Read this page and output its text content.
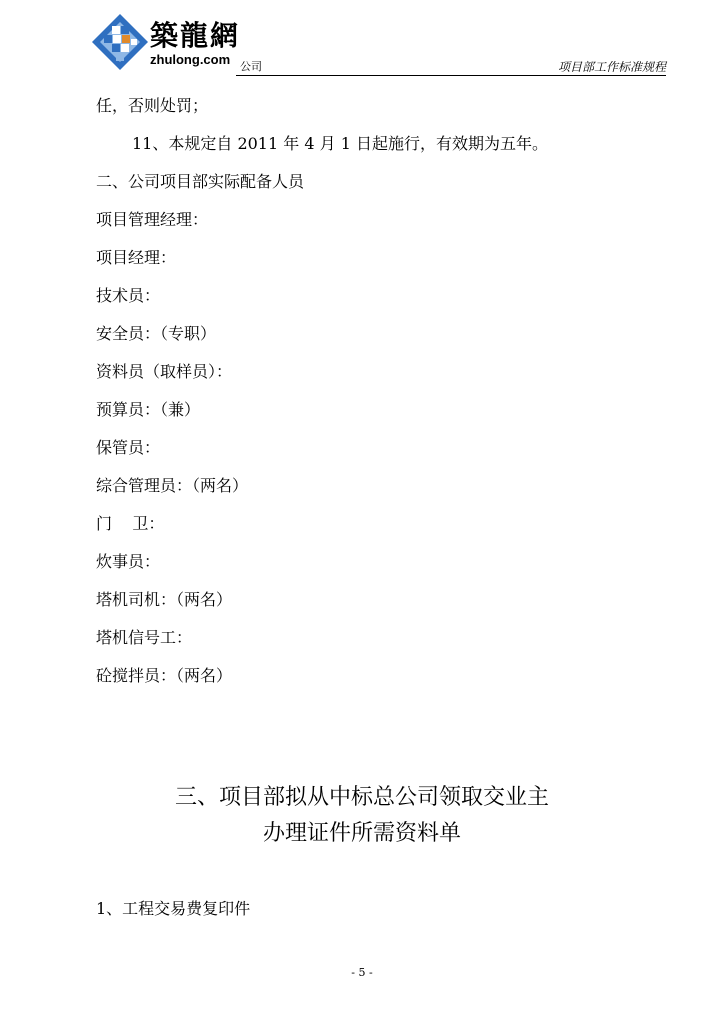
築龍網
zhulong.com 公司	项目部工作标准规程
任，否则处罚；
11、本规定自 2011 年 4 月 1 日起施行，有效期为五年。
二、公司项目部实际配备人员
项目管理经理：
项目经理：
技术员：
安全员：（专职）
资料员（取样员）：
预算员：（兼）
保管员：
综合管理员：（两名）
门    卫：
炊事员：
塔机司机：（两名）
塔机信号工：
砼搅拌员：（两名）
三、项目部拟从中标总公司领取交业主
办理证件所需资料单
1、工程交易费复印件
- 5 -
